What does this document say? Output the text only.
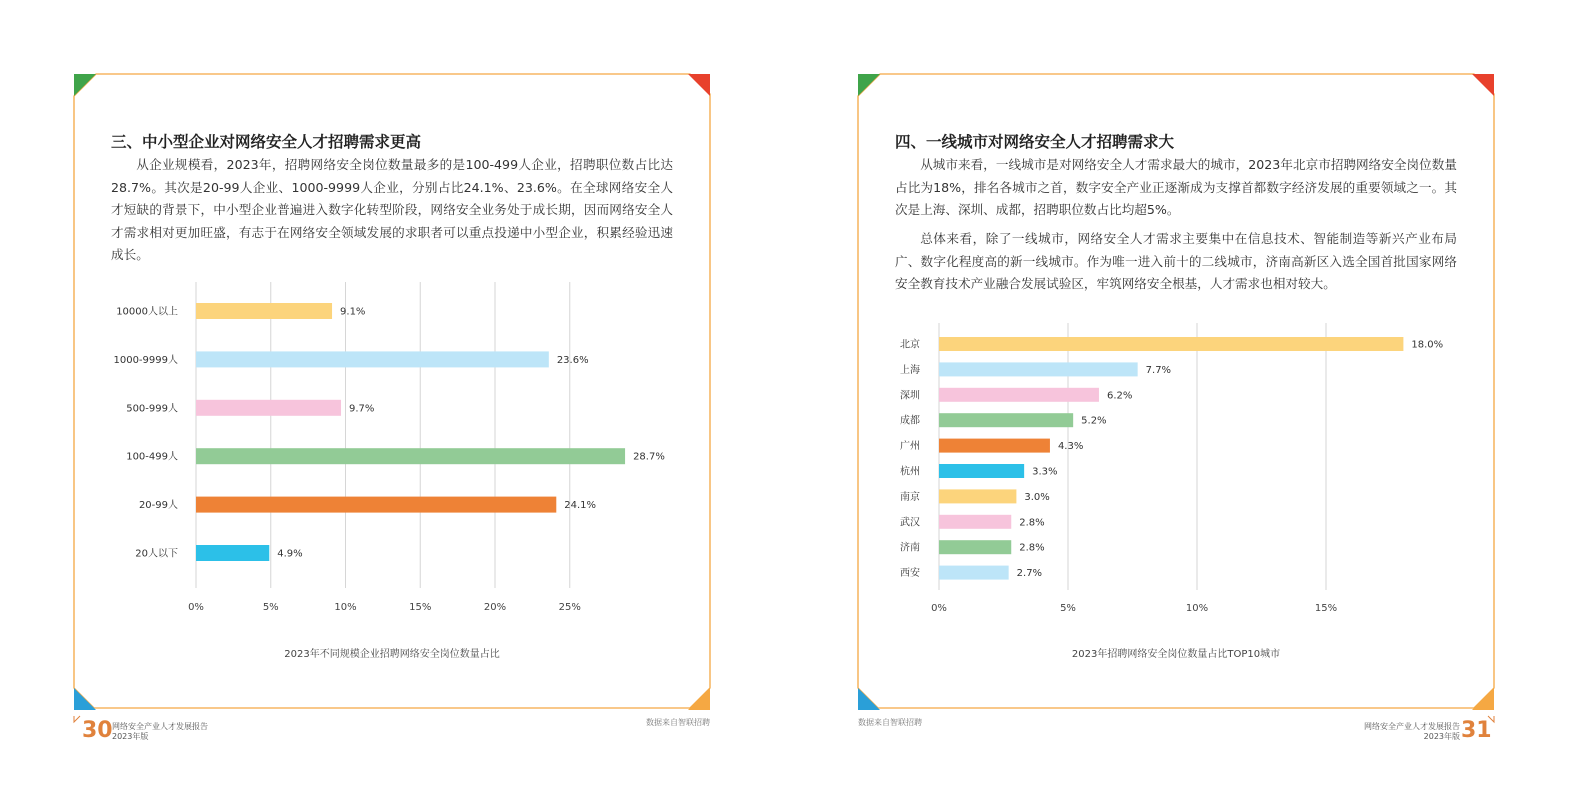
三、中小型企业对网络安全人才招聘需求更高
从企业规模看，2023年，招聘网络安全岗位数量最多的是100-499人企业，招聘职位数占比达28.7%。其次是20-99人企业、1000-9999人企业，分别占比24.1%、23.6%。在全球网络安全人才短缺的背景下，中小型企业普遍进入数字化转型阶段，网络安全业务处于成长期，因而网络安全人才需求相对更加旺盛，有志于在网络安全领域发展的求职者可以重点投递中小型企业，积累经验迅速成长。
0%	5%	10%	15%	20%	25%
9.1%
10000人以上
23.6%
1000-9999人
9.7%
500-999人
28.7%
100-499人
24.1%
20-99人
4.9%
20人以下
2023年不同规模企业招聘网络安全岗位数量占比
30 网络安全产业人才发展报告
2023年版
数据来自智联招聘
四、一线城市对网络安全人才招聘需求大
从城市来看，一线城市是对网络安全人才需求最大的城市，2023年北京市招聘网络安全岗位数量占比为18%，排名各城市之首，数字安全产业正逐渐成为支撑首都数字经济发展的重要领域之一。其次是上海、深圳、成都，招聘职位数占比均超5%。
总体来看，除了一线城市，网络安全人才需求主要集中在信息技术、智能制造等新兴产业布局广、数字化程度高的新一线城市。作为唯一进入前十的二线城市，济南高新区入选全国首批国家网络安全教育技术产业融合发展试验区，牢筑网络安全根基，人才需求也相对较大。
0%	5%	10%	15%
18.0%
北京
7.7%
上海
6.2%
深圳
5.2%
成都
4.3%
广州
3.3%
杭州
3.0%
南京
2.8%
武汉
2.8%
济南
2.7%
西安
2023年招聘网络安全岗位数量占比TOP10城市
网络安全产业人才发展报告
2023年版 31
数据来自智联招聘
